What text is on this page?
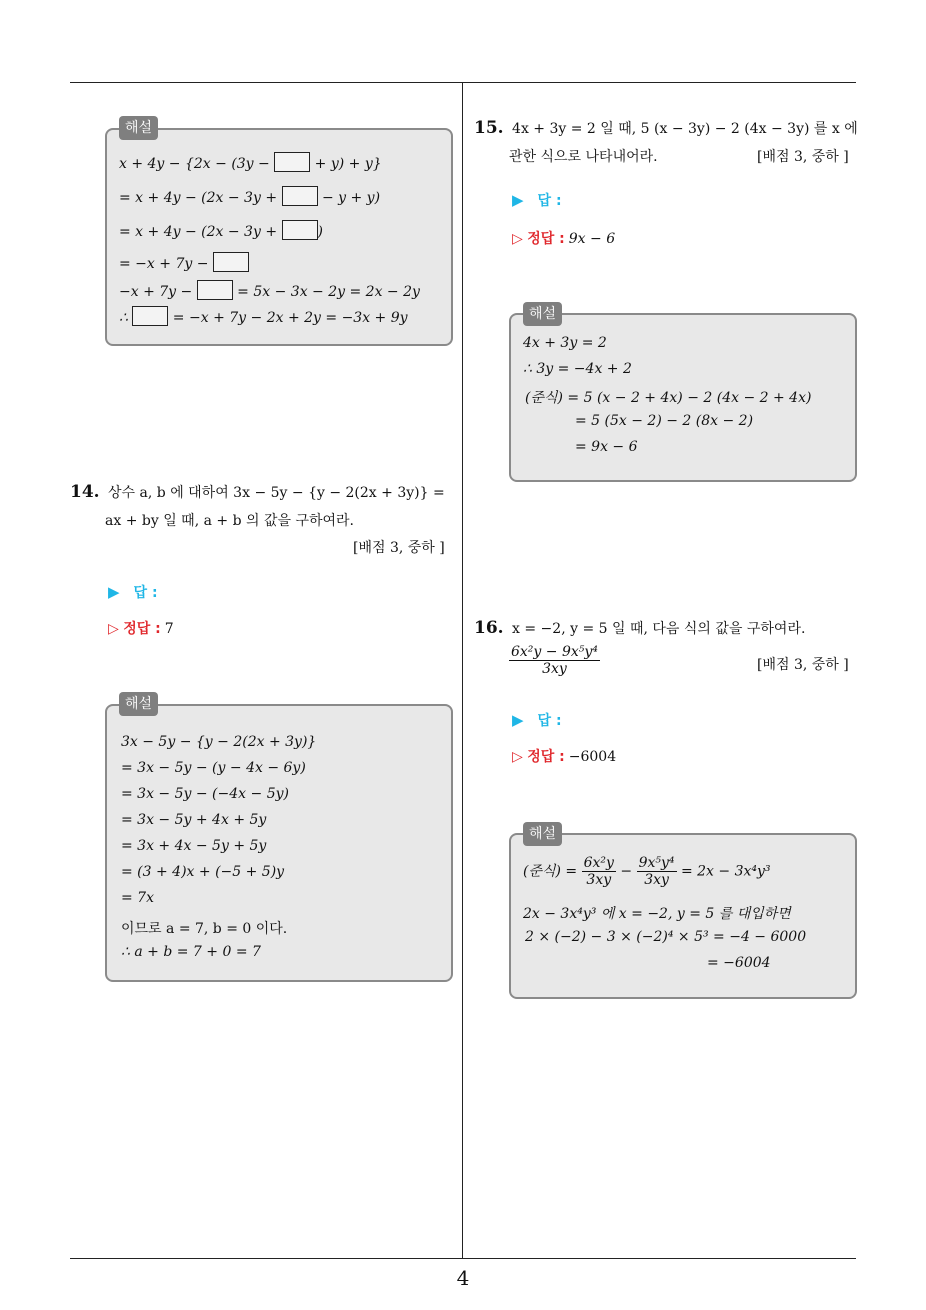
4
x + 4y − {2x − (3y −	+ y) + y}
= x + 4y − (2x − 3y +	− y + y)
= x + 4y − (2x − 3y +	)
= −x + 7y −
−x + 7y −	= 5x − 3x − 2y = 2x − 2y
∴	= −x + 7y − 2x + 2y = −3x + 9y
해설
14. 상수 a, b 에 대하여 3x − 5y − {y − 2(2x + 3y)} =
ax + by 일 때, a + b 의 값을 구하여라.
[배점 3, 중하 ]
▶ 답 :
▷ 정답 : 7
3x − 5y − {y − 2(2x + 3y)}
= 3x − 5y − (y − 4x − 6y)
= 3x − 5y − (−4x − 5y)
= 3x − 5y + 4x + 5y
= 3x + 4x − 5y + 5y
= (3 + 4)x + (−5 + 5)y
= 7x
이므로 a = 7, b = 0 이다.
∴ a + b = 7 + 0 = 7
해설
15. 4x + 3y = 2 일 때, 5 (x − 3y) − 2 (4x − 3y) 를 x 에
관한 식으로 나타내어라.	[배점 3, 중하 ]
▶ 답 :
▷ 정답 : 9x − 6
4x + 3y = 2
∴ 3y = −4x + 2
(준식) = 5 (x − 2 + 4x) − 2 (4x − 2 + 4x)
= 5 (5x − 2) − 2 (8x − 2)
= 9x − 6
해설
16. x = −2, y = 5 일 때, 다음 식의 값을 구하여라.
$\frac{\text{6x²y − 9x⁵y⁴}}{3xy}$	[배점 3, 중하 ]
▶ 답 :
▷ 정답 : −6004
(준식) = $\frac{\text{6x²y}}{3xy} - \frac{\text{9x⁵y⁴}}{3xy} = 2x - 3x^4y^3$
2x − 3x⁴y³ 에 x = −2, y = 5 를 대입하면
2 × (−2) − 3 × (−2)⁴ × 5³ = −4 − 6000
= −6004
해설
